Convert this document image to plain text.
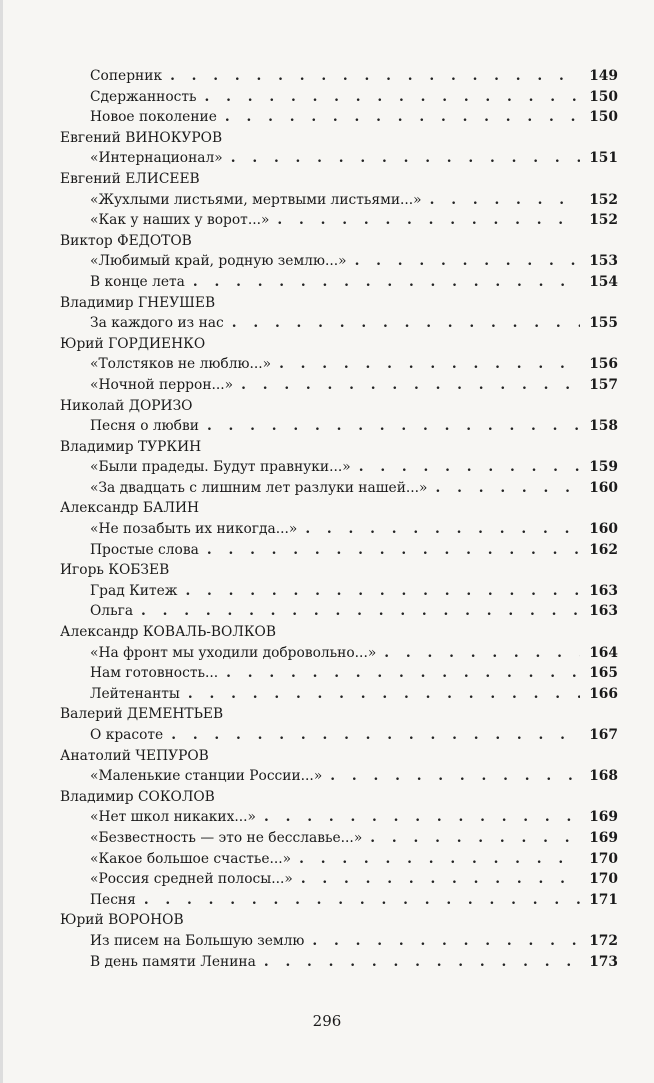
Соперник . . .	149
Сдержанность . . .	150
Новое поколение . . .	150
Евгений ВИНОКУРОВ
«Интернационал» . . .	151
Евгений ЕЛИСЕЕВ
«Жухлыми листьями, мертвыми листьями...» . . .	152
«Как у наших у ворот...» . . .	152
Виктор ФЕДОТОВ
«Любимый край, родную землю...» . . .	153
В конце лета . . .	154
Владимир ГНЕУШЕВ
За каждого из нас . . .	155
Юрий ГОРДИЕНКО
«Толстяков не люблю...» . . .	156
«Ночной перрон...» . . .	157
Николай ДОРИЗО
Песня о любви . . .	158
Владимир ТУРКИН
«Были прадеды. Будут правнуки...» . . .	159
«За двадцать с лишним лет разлуки нашей...» . . .	160
Александр БАЛИН
«Не позабыть их никогда...» . . .	160
Простые слова . . .	162
Игорь КОБЗЕВ
Град Китеж . . .	163
Ольга . . .	163
Александр КОВАЛЬ-ВОЛКОВ
«На фронт мы уходили добровольно...» . . .	164
Нам готовность... . . .	165
Лейтенанты . . .	166
Валерий ДЕМЕНТЬЕВ
О красоте . . .	167
Анатолий ЧЕПУРОВ
«Маленькие станции России...» . . .	168
Владимир СОКОЛОВ
«Нет школ никаких...» . . .	169
«Безвестность — это не бесславье...» . . .	169
«Какое большое счастье...» . . .	170
«Россия средней полосы...» . . .	170
Песня . . .	171
Юрий ВОРОНОВ
Из писем на Большую землю . . .	172
В день памяти Ленина . . .	173
296
